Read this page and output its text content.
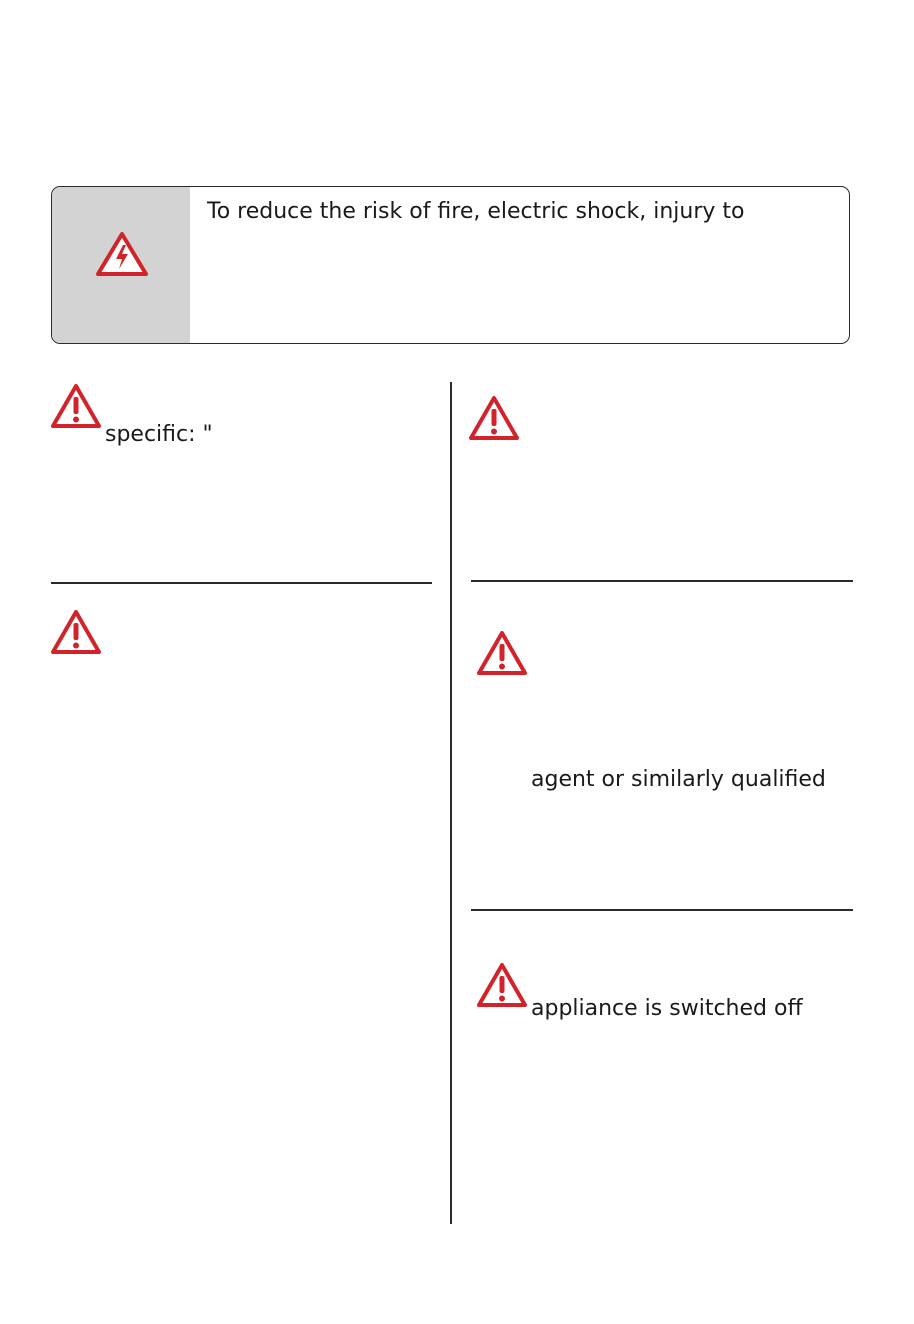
To reduce the risk of fire, electric shock, injury to
specific: "
agent or similarly qualified
appliance is switched off
